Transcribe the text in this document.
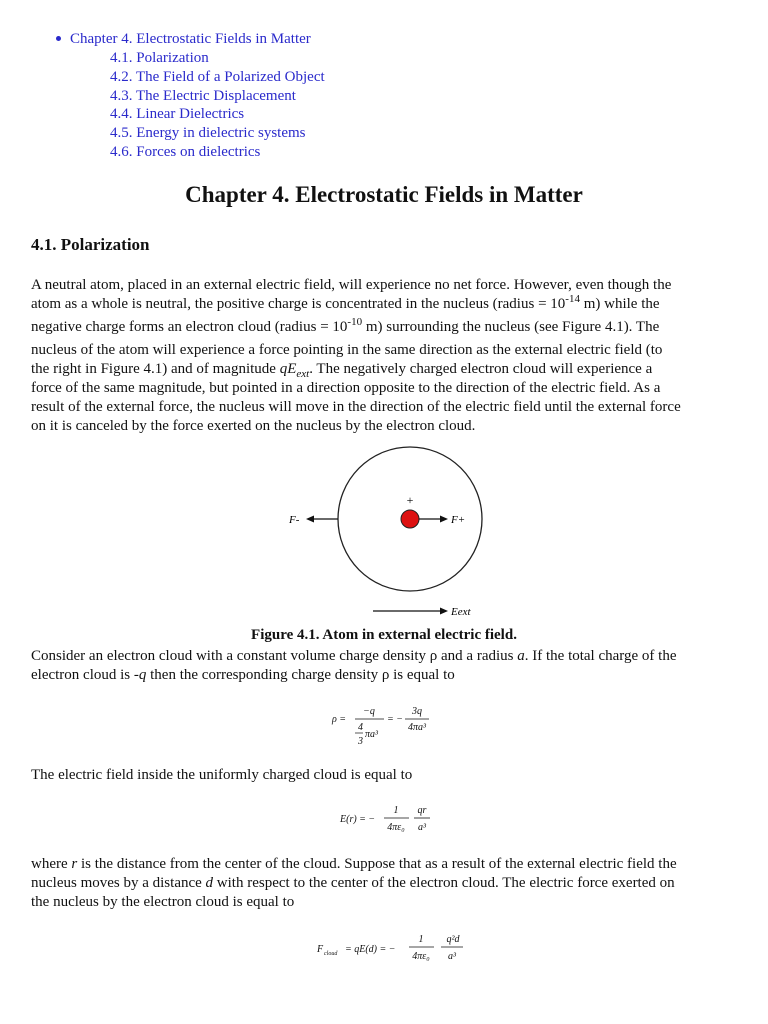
Chapter 4. Electrostatic Fields in Matter
4.1. Polarization
4.2. The Field of a Polarized Object
4.3. The Electric Displacement
4.4. Linear Dielectrics
4.5. Energy in dielectric systems
4.6. Forces on dielectrics
Chapter 4. Electrostatic Fields in Matter
4.1. Polarization
A neutral atom, placed in an external electric field, will experience no net force. However, even though the
atom as a whole is neutral, the positive charge is concentrated in the nucleus (radius = $10^{-14}$ m) while the
negative charge forms an electron cloud (radius = $10^{-10}$ m) surrounding the nucleus (see Figure 4.1). The
nucleus of the atom will experience a force pointing in the same direction as the external electric field (to
the right in Figure 4.1) and of magnitude $qE_{ext}$. The negatively charged electron cloud will experience a
force of the same magnitude, but pointed in a direction opposite to the direction of the electric field. As a
result of the external force, the nucleus will move in the direction of the electric field until the external force
on it is canceled by the force exerted on the nucleus by the electron cloud.
+
F+
F-
Eext
Figure 4.1. Atom in external electric field.
Consider an electron cloud with a constant volume charge density ρ and a radius a. If the total charge of the
electron cloud is -q then the corresponding charge density ρ is equal to
ρ =
−q
4
3
πa³
= −
3q
4πa³
The electric field inside the uniformly charged cloud is equal to
E(r) = −
1
4πε₀
qr
a³
where r is the distance from the center of the cloud. Suppose that as a result of the external electric field the
nucleus moves by a distance d with respect to the center of the electron cloud. The electric force exerted on
the nucleus by the electron cloud is equal to
F cloud = qE(d) = −
1
4πε₀
q²d
a³
